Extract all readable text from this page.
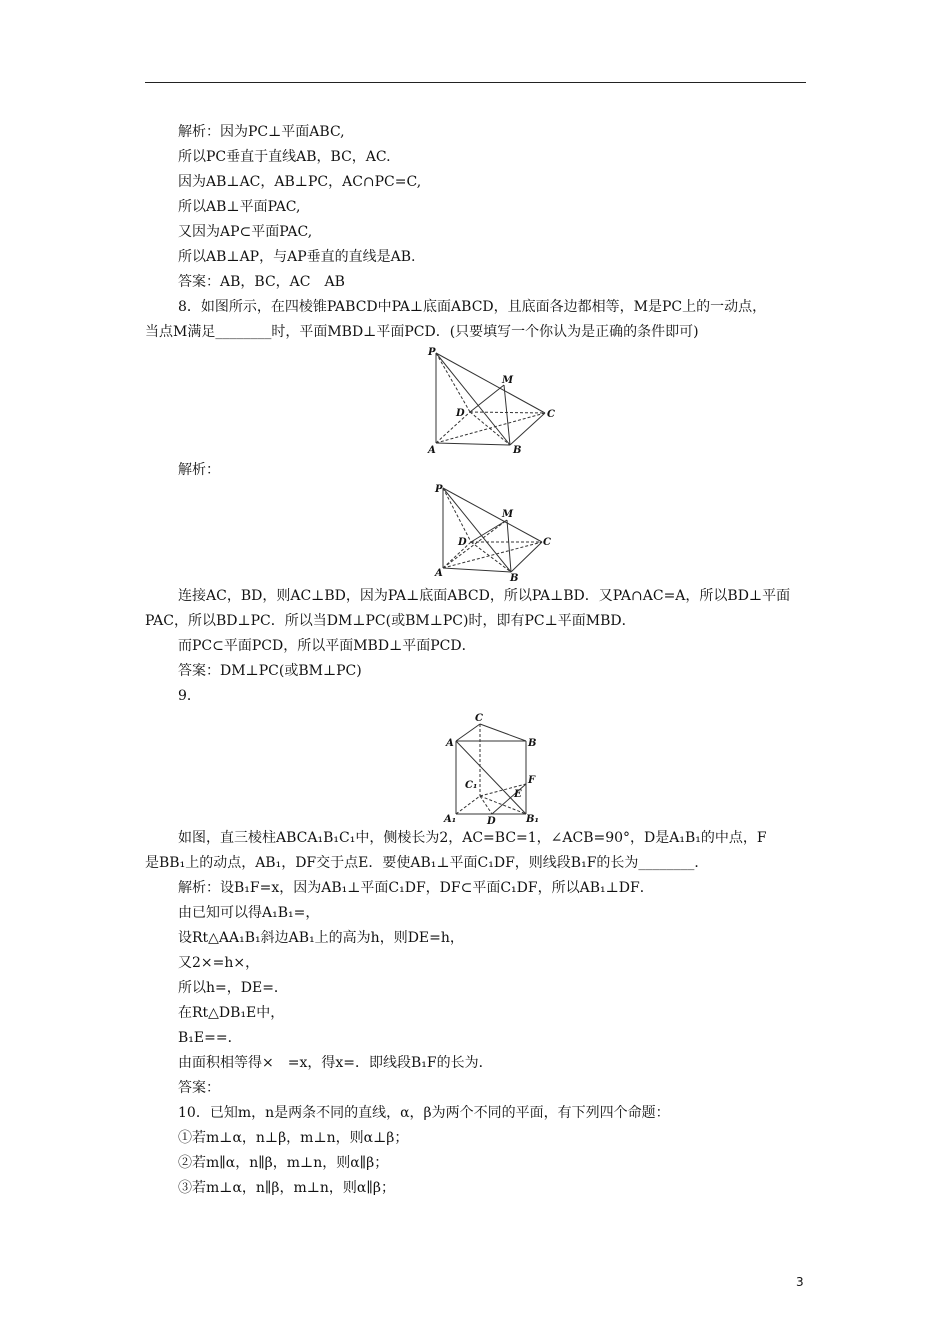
解析：因为PC⊥平面ABC,
所以PC垂直于直线AB，BC，AC.
因为AB⊥AC，AB⊥PC，AC∩PC=C,
所以AB⊥平面PAC,
又因为AP⊂平面PAC,
所以AB⊥AP，与AP垂直的直线是AB.
答案：AB，BC，AC　AB
8．如图所示，在四棱锥PABCD中PA⊥底面ABCD，且底面各边都相等，M是PC上的一动点，
当点M满足________时，平面MBD⊥平面PCD．(只要填写一个你认为是正确的条件即可)
P
M
D	C
A	B
解析：
P
M
D	C
A	B
连接AC，BD，则AC⊥BD，因为PA⊥底面ABCD，所以PA⊥BD．又PA∩AC=A，所以BD⊥平面
PAC，所以BD⊥PC．所以当DM⊥PC(或BM⊥PC)时，即有PC⊥平面MBD．
而PC⊂平面PCD，所以平面MBD⊥平面PCD．
答案：DM⊥PC(或BM⊥PC)
9．
C
A	B
C₁	F
E
A₁	D	B₁
如图，直三棱柱ABCA₁B₁C₁中，侧棱长为2，AC=BC=1，∠ACB=90°，D是A₁B₁的中点，F
是BB₁上的动点，AB₁，DF交于点E．要使AB₁⊥平面C₁DF，则线段B₁F的长为________．
解析：设B₁F=x，因为AB₁⊥平面C₁DF，DF⊂平面C₁DF，所以AB₁⊥DF．
由已知可以得A₁B₁=，
设Rt△AA₁B₁斜边AB₁上的高为h，则DE=h，
又2×=h×，
所以h=，DE=．
在Rt△DB₁E中，
B₁E==．
由面积相等得×　=x，得x=．即线段B₁F的长为．
答案：
10．已知m，n是两条不同的直线，α，β为两个不同的平面，有下列四个命题：
①若m⊥α，n⊥β，m⊥n，则α⊥β；
②若m∥α，n∥β，m⊥n，则α∥β；
③若m⊥α，n∥β，m⊥n，则α∥β；
3
